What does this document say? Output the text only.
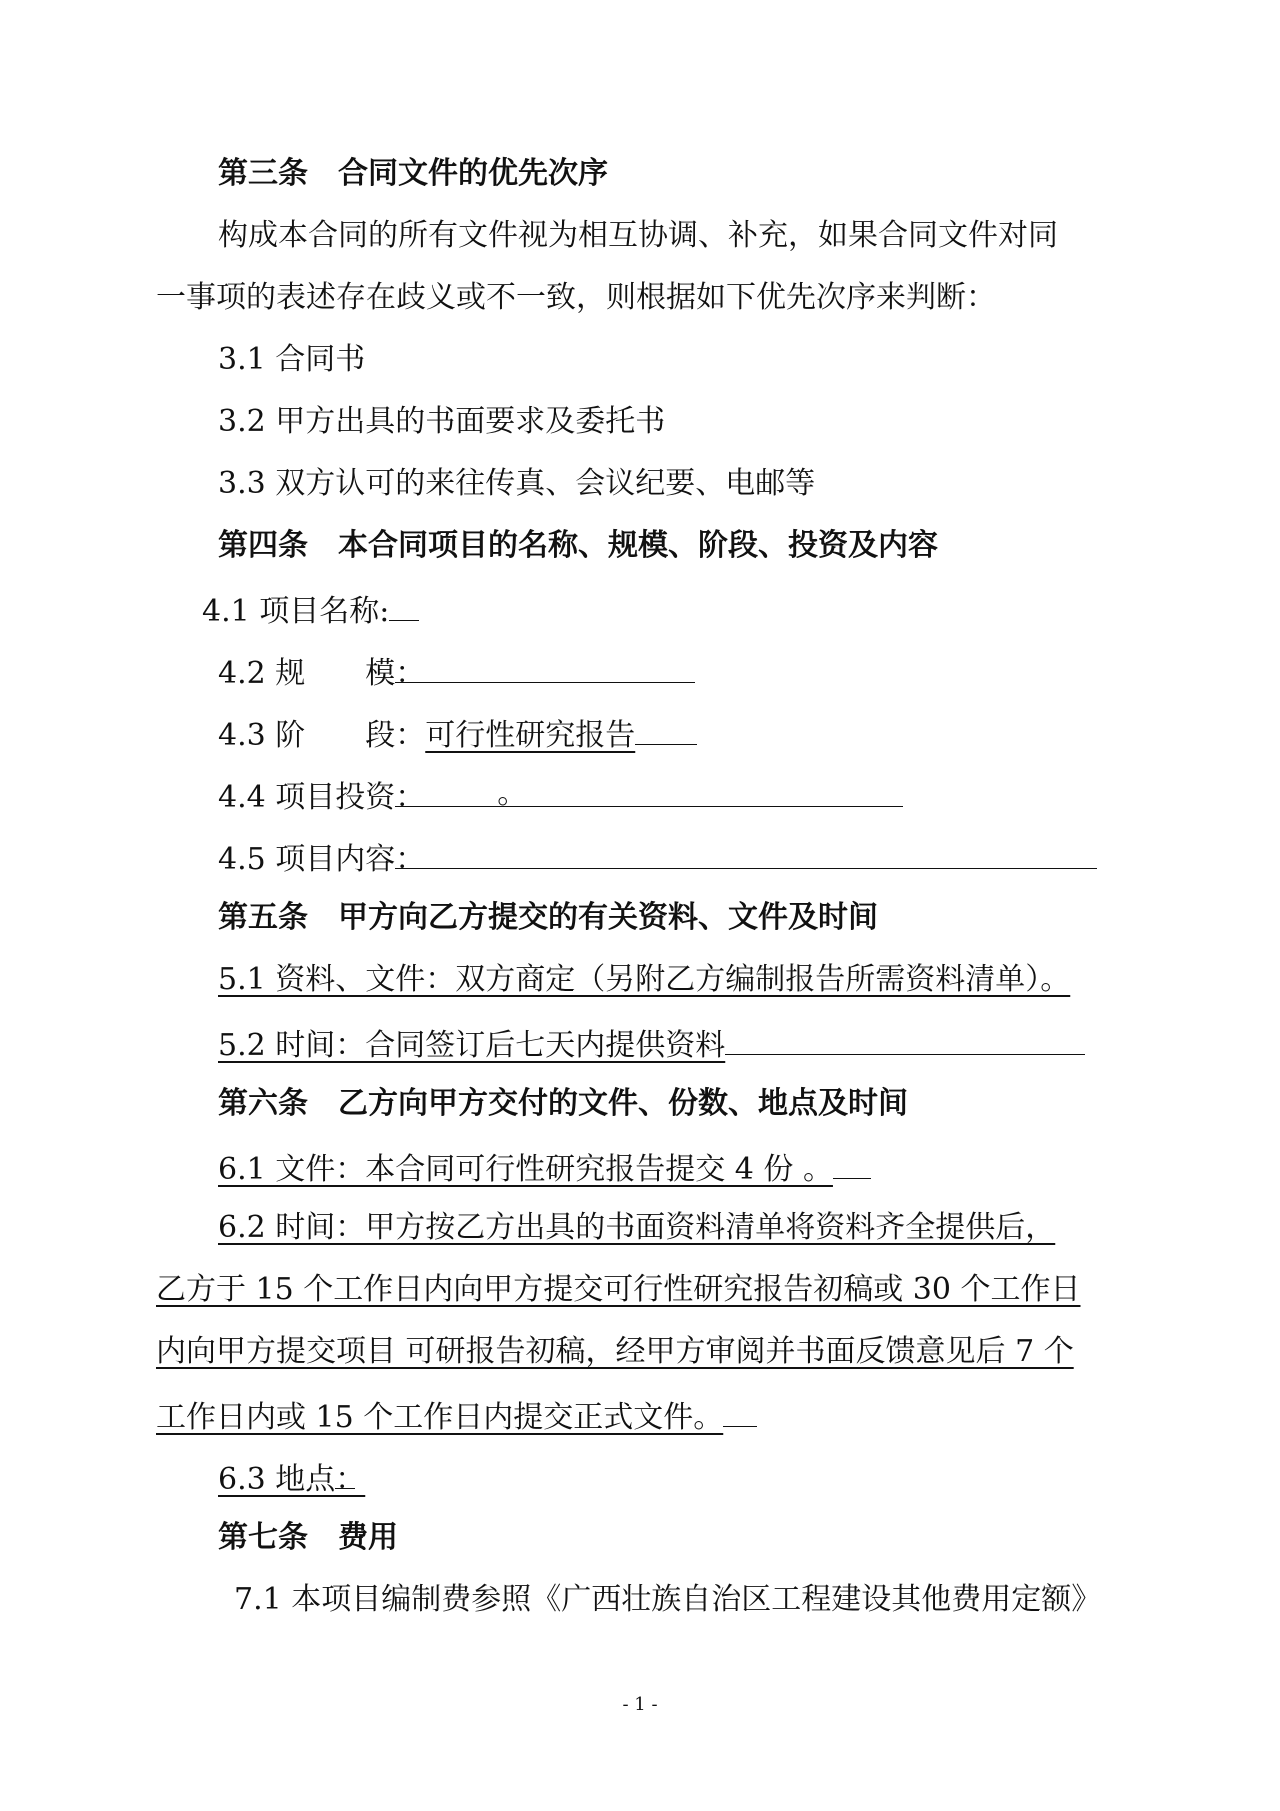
第三条　合同文件的优先次序
构成本合同的所有文件视为相互协调、补充，如果合同文件对同
一事项的表述存在歧义或不一致，则根据如下优先次序来判断：
3.1 合同书
3.2 甲方出具的书面要求及委托书
3.3 双方认可的来往传真、会议纪要、电邮等
第四条　本合同项目的名称、规模、阶段、投资及内容
4.1 项目名称:
4.2 规 模：
4.3 阶 段：可行性研究报告
4.4 项目投资： 。
4.5 项目内容：
第五条　甲方向乙方提交的有关资料、文件及时间
5.1 资料、文件：双方商定（另附乙方编制报告所需资料清单）。
5.2 时间：合同签订后七天内提供资料
第六条　乙方向甲方交付的文件、份数、地点及时间
6.1 文件：本合同可行性研究报告提交 4 份 。
6.2 时间：甲方按乙方出具的书面资料清单将资料齐全提供后，
乙方于 15 个工作日内向甲方提交可行性研究报告初稿或 30 个工作日
内向甲方提交项目 可研报告初稿，经甲方审阅并书面反馈意见后 7 个
工作日内或 15 个工作日内提交正式文件。
6.3 地点：
第七条　费用
7.1 本项目编制费参照《广西壮族自治区工程建设其他费用定额》
- 1 -
